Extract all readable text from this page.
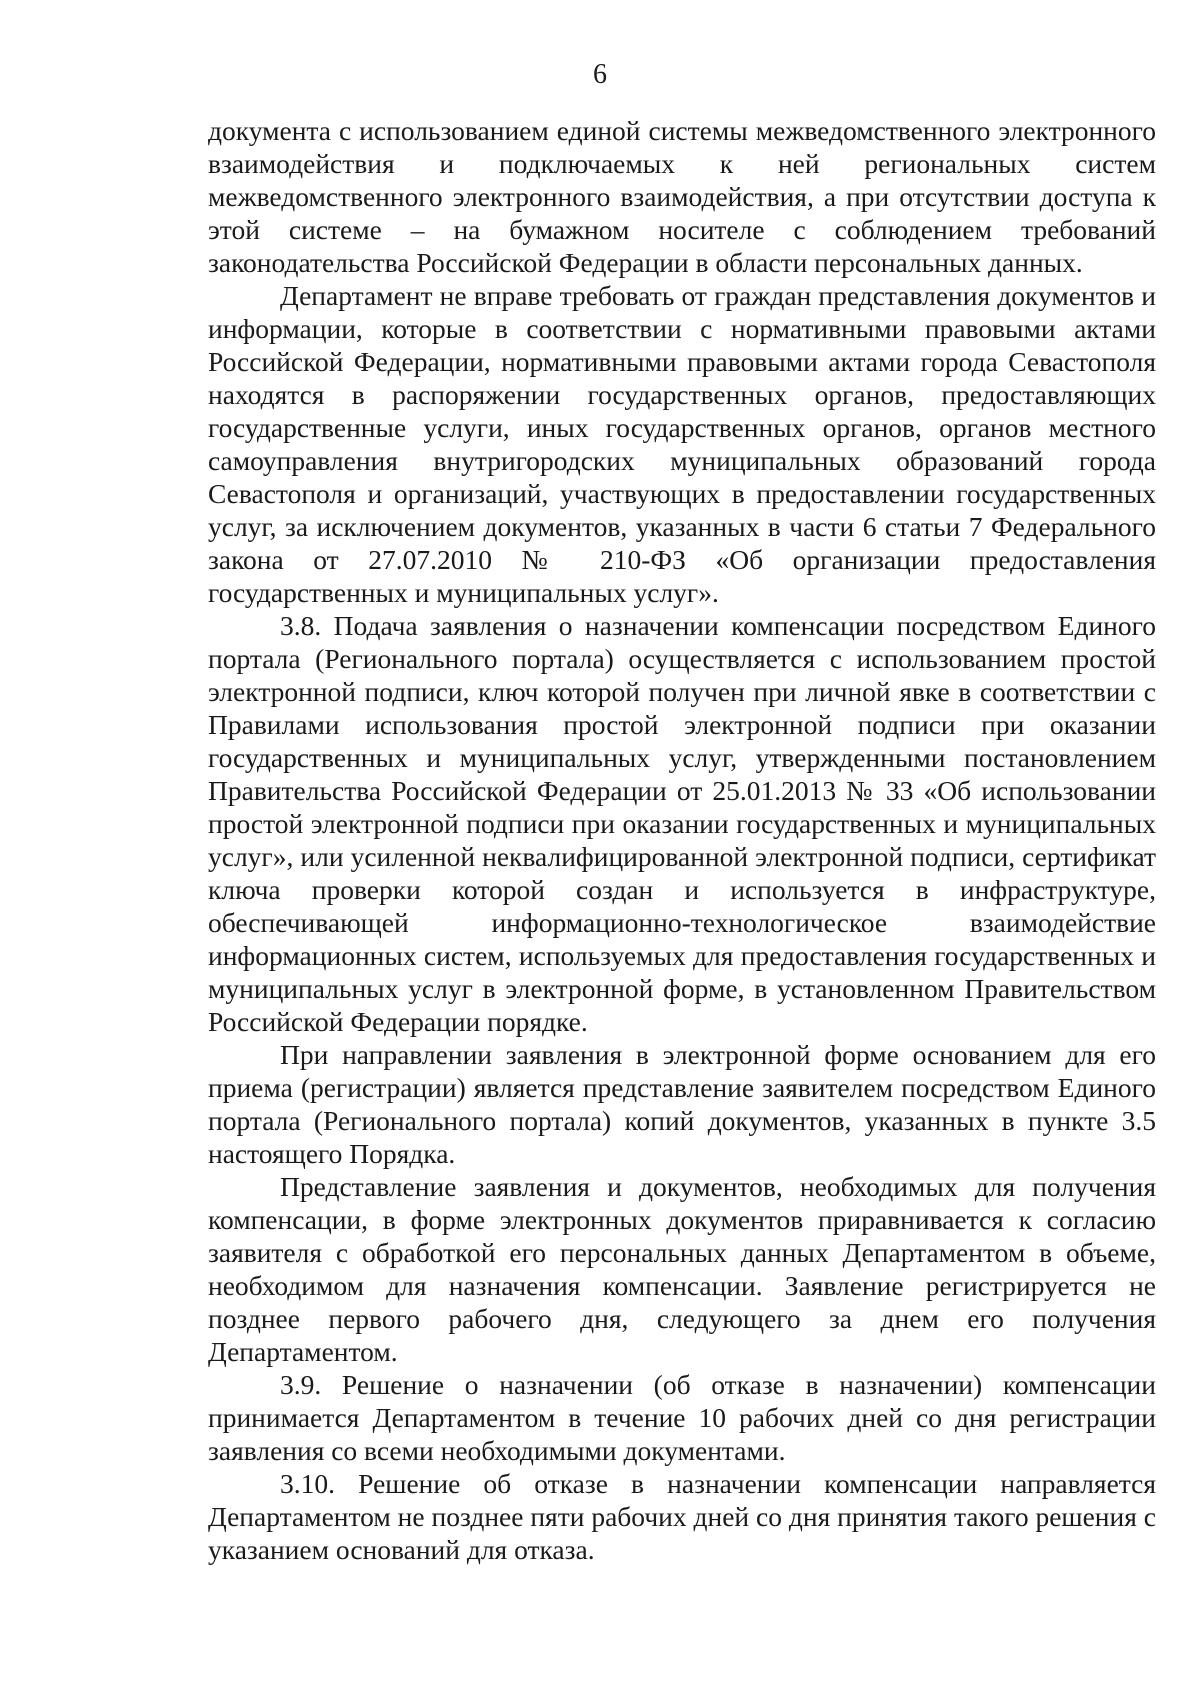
6

документа с использованием единой системы межведомственного электронного взаимодействия и подключаемых к ней региональных систем межведомственного электронного взаимодействия, а при отсутствии доступа к этой системе – на бумажном носителе с соблюдением требований законодательства Российской Федерации в области персональных данных.

Департамент не вправе требовать от граждан представления документов и информации, которые в соответствии с нормативными правовыми актами Российской Федерации, нормативными правовыми актами города Севастополя находятся в распоряжении государственных органов, предоставляющих государственные услуги, иных государственных органов, органов местного самоуправления внутригородских муниципальных образований города Севастополя и организаций, участвующих в предоставлении государственных услуг, за исключением документов, указанных в части 6 статьи 7 Федерального закона от 27.07.2010 № 210-ФЗ «Об организации предоставления государственных и муниципальных услуг».

3.8. Подача заявления о назначении компенсации посредством Единого портала (Регионального портала) осуществляется с использованием простой электронной подписи, ключ которой получен при личной явке в соответствии с Правилами использования простой электронной подписи при оказании государственных и муниципальных услуг, утвержденными постановлением Правительства Российской Федерации от 25.01.2013 № 33 «Об использовании простой электронной подписи при оказании государственных и муниципальных услуг», или усиленной неквалифицированной электронной подписи, сертификат ключа проверки которой создан и используется в инфраструктуре, обеспечивающей информационно-технологическое взаимодействие информационных систем, используемых для предоставления государственных и муниципальных услуг в электронной форме, в установленном Правительством Российской Федерации порядке.

При направлении заявления в электронной форме основанием для его приема (регистрации) является представление заявителем посредством Единого портала (Регионального портала) копий документов, указанных в пункте 3.5 настоящего Порядка.

Представление заявления и документов, необходимых для получения компенсации, в форме электронных документов приравнивается к согласию заявителя с обработкой его персональных данных Департаментом в объеме, необходимом для назначения компенсации. Заявление регистрируется не позднее первого рабочего дня, следующего за днем его получения Департаментом.

3.9. Решение о назначении (об отказе в назначении) компенсации принимается Департаментом в течение 10 рабочих дней со дня регистрации заявления со всеми необходимыми документами.

3.10. Решение об отказе в назначении компенсации направляется Департаментом не позднее пяти рабочих дней со дня принятия такого решения с указанием оснований для отказа.
